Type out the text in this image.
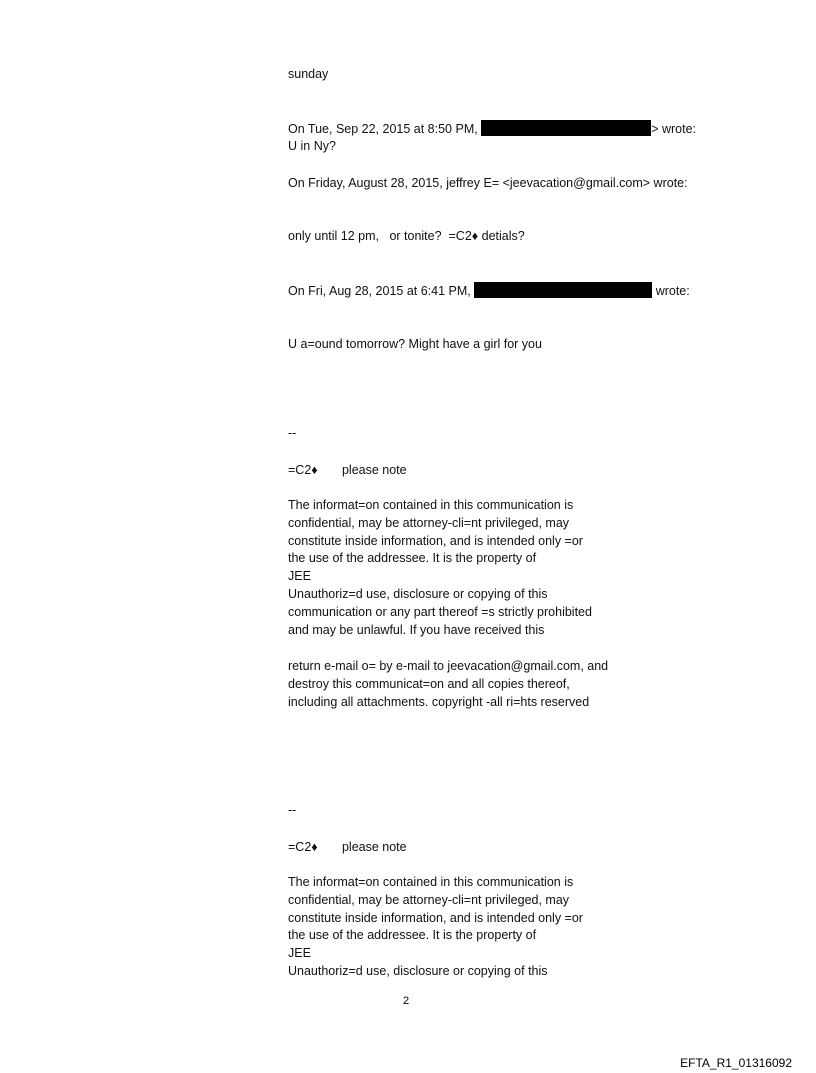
sunday
On Tue, Sep 22, 2015 at 8:50 PM,	> wrote:
U in Ny?
On Friday, August 28, 2015, jeffrey E= <jeevacation@gmail.com> wrote:
only until 12 pm,   or tonite?  =C2♦ detials?
On Fri, Aug 28, 2015 at 6:41 PM,	wrote:
U a=ound tomorrow? Might have a girl for you
--
=C2♦       please note
The informat=on contained in this communication is
confidential, may be attorney-cli=nt privileged, may
constitute inside information, and is intended only =or
the use of the addressee. It is the property of
JEE
Unauthoriz=d use, disclosure or copying of this
communication or any part thereof =s strictly prohibited
and may be unlawful. If you have received this
return e-mail o= by e-mail to jeevacation@gmail.com, and
destroy this communicat=on and all copies thereof,
including all attachments. copyright -all ri=hts reserved
--
=C2♦       please note
The informat=on contained in this communication is
confidential, may be attorney-cli=nt privileged, may
constitute inside information, and is intended only =or
the use of the addressee. It is the property of
JEE
Unauthoriz=d use, disclosure or copying of this
2
EFTA_R1_01316092
